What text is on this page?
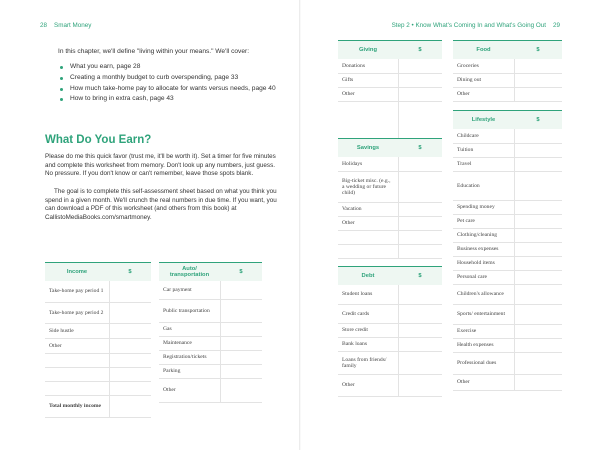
28 Smart Money
In this chapter, we'll define "living within your means." We'll cover:
What you earn, page 28
Creating a monthly budget to curb overspending, page 33
How much take-home pay to allocate for wants versus needs, page 40
How to bring in extra cash, page 43
What Do You Earn?

Please do me this quick favor (trust me, it'll be worth it). Set a timer for five minutes and complete this worksheet from memory. Don't look up any numbers, just guess. No pressure. If you don't know or can't remember, leave those spots blank.

The goal is to complete this self-assessment sheet based on what you think you spend in a given month. We'll crunch the real numbers in due time. If you want, you can download a PDF of this worksheet (and others from this book) at CallistoMediaBooks.com/smartmoney.

Income	$
Take-home pay period 1	
Take-home pay period 2	
Side hustle	
Other	

Total monthly income	
Auto/ transportation	$
Car payment	
Public transportation	
Gas	
Maintenance	
Registration/tickets	
Parking	
Other	
Step 2 • Know What's Coming In and What's Going Out 29
Giving	$
Donations	
Gifts	
Other	

Savings	$
Holidays	
Big-ticket misc. (e.g., a wedding or future child)	
Vacation	
Other	

Debt	$
Student loans	
Credit cards	
Store credit	
Bank loans	
Loans from friends/ family	
Other	
Food	$
Groceries	
Dining out	
Other	
Lifestyle	$
Childcare	
Tuition	
Travel	
Education	
Spending money	
Pet care	
Clothing/cleaning	
Business expenses	
Household items	
Personal care	
Children's allowance	
Sports/ entertainment	
Exercise	
Health expenses	
Professional dues	
Other	
